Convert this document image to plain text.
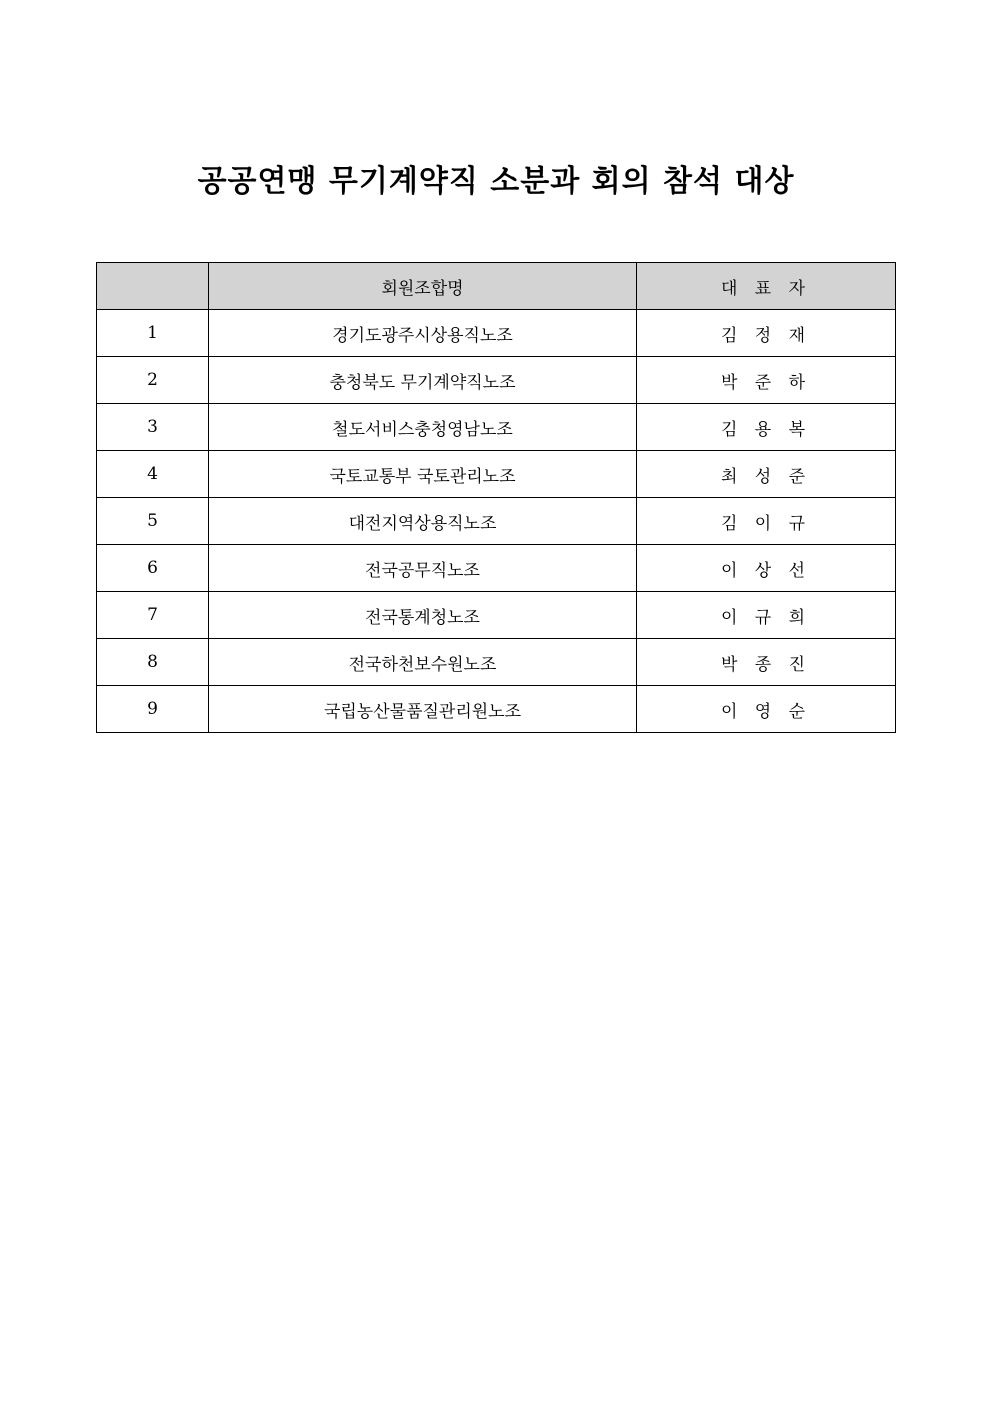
공공연맹 무기계약직 소분과 회의 참석 대상
	회원조합명	대 표 자
1	경기도광주시상용직노조	김 정 재
2	충청북도 무기계약직노조	박 준 하
3	철도서비스충청영남노조	김 용 복
4	국토교통부 국토관리노조	최 성 준
5	대전지역상용직노조	김 이 규
6	전국공무직노조	이 상 선
7	전국통계청노조	이 규 희
8	전국하천보수원노조	박 종 진
9	국립농산물품질관리원노조	이 영 순
